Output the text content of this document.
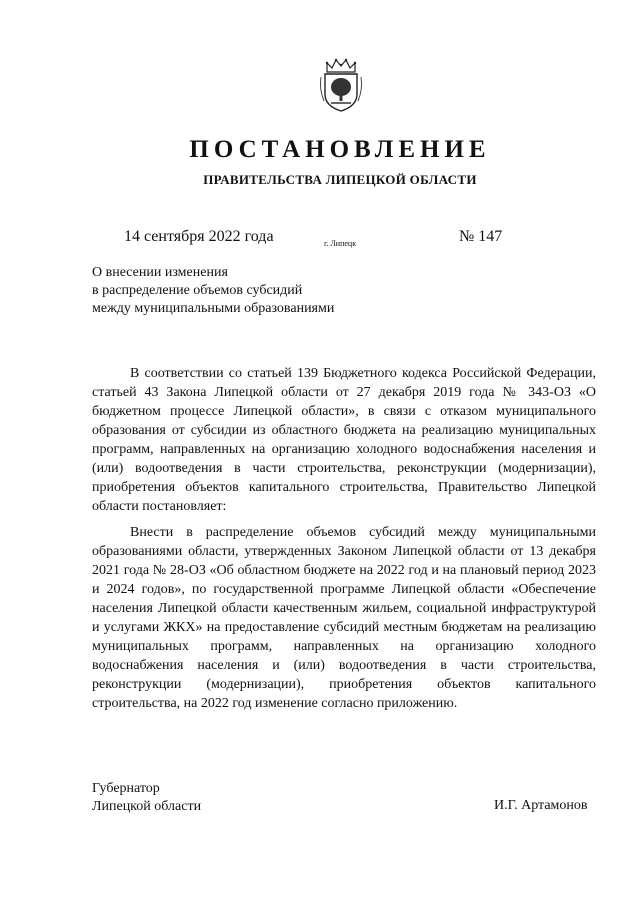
ПОСТАНОВЛЕНИЕ
ПРАВИТЕЛЬСТВА ЛИПЕЦКОЙ ОБЛАСТИ
14 сентября 2022 года	г. Липецк	№ 147
О внесении изменения
в распределение объемов субсидий
между муниципальными образованиями

В соответствии со статьей 139 Бюджетного кодекса Российской Федерации, статьей 43 Закона Липецкой области от 27 декабря 2019 года № 343-ОЗ «О бюджетном процессе Липецкой области», в связи с отказом муниципального образования от субсидии из областного бюджета на реализацию муниципальных программ, направленных на организацию холодного водоснабжения населения и (или) водоотведения в части строительства, реконструкции (модернизации), приобретения объектов капитального строительства, Правительство Липецкой области постановляет:

Внести в распределение объемов субсидий между муниципальными образованиями области, утвержденных Законом Липецкой области от 13 декабря 2021 года № 28-ОЗ «Об областном бюджете на 2022 год и на плановый период 2023 и 2024 годов», по государственной программе Липецкой области «Обеспечение населения Липецкой области качественным жильем, социальной инфраструктурой и услугами ЖКХ» на предоставление субсидий местным бюджетам на реализацию муниципальных программ, направленных на организацию холодного водоснабжения населения и (или) водоотведения в части строительства, реконструкции (модернизации), приобретения объектов капитального строительства, на 2022 год изменение согласно приложению.

Губернатор
Липецкой области	И.Г. Артамонов
